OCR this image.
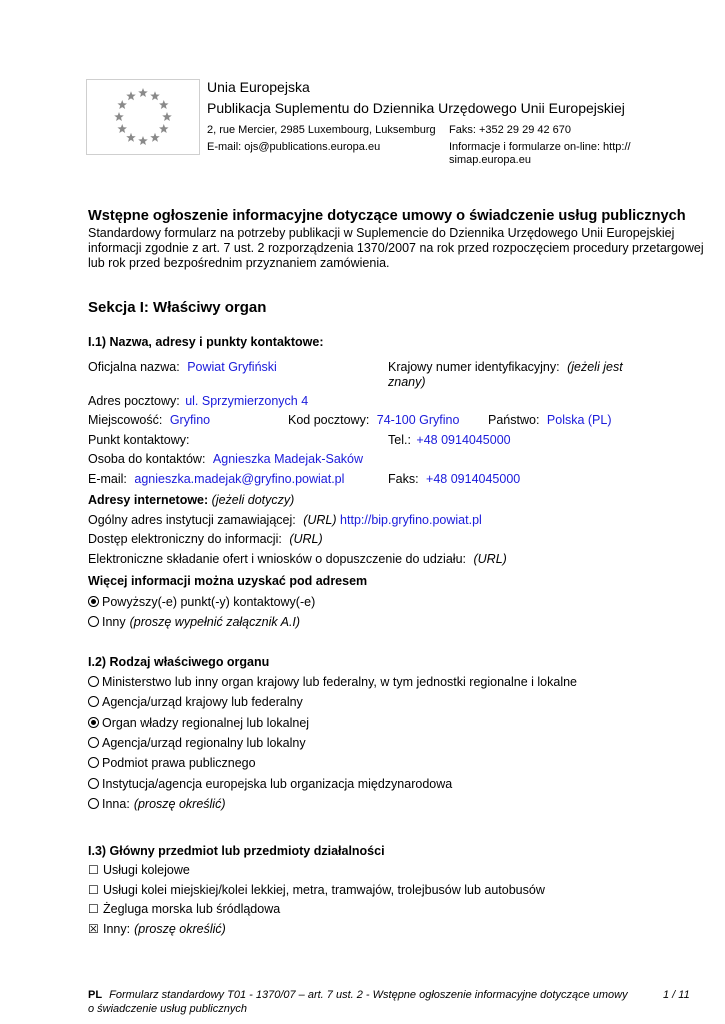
Unia Europejska
Publikacja Suplementu do Dziennika Urzędowego Unii Europejskiej
2, rue Mercier, 2985 Luxembourg, Luksemburg Faks: +352 29 29 42 670
E-mail: ojs@publications.europa.eu	Informacje i formularze on-line: http://
simap.europa.eu
Wstępne ogłoszenie informacyjne dotyczące umowy o świadczenie usług publicznych
Standardowy formularz na potrzeby publikacji w Suplemencie do Dziennika Urzędowego Unii Europejskiej
informacji zgodnie z art. 7 ust. 2 rozporządzenia 1370/2007 na rok przed rozpoczęciem procedury przetargowej
lub rok przed bezpośrednim przyznaniem zamówienia.
Sekcja I: Właściwy organ
I.1) Nazwa, adresy i punkty kontaktowe:
Oficjalna nazwa: Powiat Gryfiński	Krajowy numer identyfikacyjny: (jeżeli jest
znany)
Adres pocztowy: ul. Sprzymierzonych 4
Miejscowość: Gryfino	Kod pocztowy: 74-100 Gryfino Państwo: Polska (PL)
Punkt kontaktowy:	Tel.: +48 0914045000
Osoba do kontaktów: Agnieszka Madejak-Saków
E-mail: agnieszka.madejak@gryfino.powiat.pl	Faks: +48 0914045000
Adresy internetowe: (jeżeli dotyczy)
Ogólny adres instytucji zamawiającej: (URL) http://bip.gryfino.powiat.pl
Dostęp elektroniczny do informacji: (URL)
Elektroniczne składanie ofert i wniosków o dopuszczenie do udziału: (URL)
Więcej informacji można uzyskać pod adresem
Powyższy(-e) punkt(-y) kontaktowy(-e)
Inny (proszę wypełnić załącznik A.I)
I.2) Rodzaj właściwego organu
Ministerstwo lub inny organ krajowy lub federalny, w tym jednostki regionalne i lokalne
Agencja/urząd krajowy lub federalny
Organ władzy regionalnej lub lokalnej
Agencja/urząd regionalny lub lokalny
Podmiot prawa publicznego
Instytucja/agencja europejska lub organizacja międzynarodowa
Inna: (proszę określić)
I.3) Główny przedmiot lub przedmioty działalności
☐ Usługi kolejowe
☐ Usługi kolei miejskiej/kolei lekkiej, metra, tramwajów, trolejbusów lub autobusów
☐ Żegluga morska lub śródlądowa
☒ Inny: (proszę określić)
PL Formularz standardowy T01 - 1370/07 – art. 7 ust. 2 - Wstępne ogłoszenie informacyjne dotyczące umowy
o świadczenie usług publicznych
1 / 11
